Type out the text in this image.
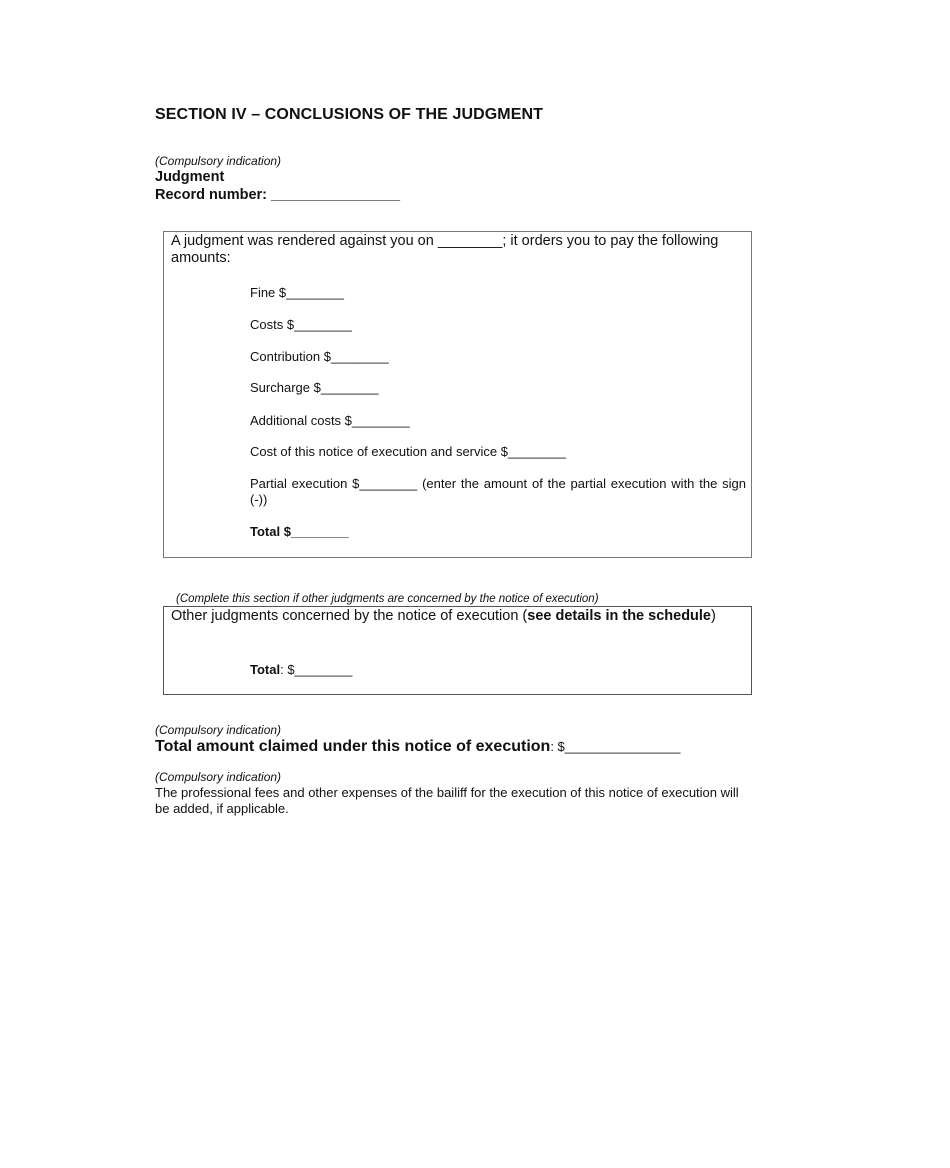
SECTION IV – CONCLUSIONS OF THE JUDGMENT
(Compulsory indication)
Judgment
Record number: ________________
A judgment was rendered against you on ________; it orders you to pay the following amounts:
Fine $________
Costs $________
Contribution $________
Surcharge $________
Additional costs $________
Cost of this notice of execution and service $________
Partial execution $________ (enter the amount of the partial execution with the sign (-))
Total $________
(Complete this section if other judgments are concerned by the notice of execution)
Other judgments concerned by the notice of execution (see details in the schedule)
Total: $________
(Compulsory indication)
Total amount claimed under this notice of execution: $________________
(Compulsory indication)
The professional fees and other expenses of the bailiff for the execution of this notice of execution will be added, if applicable.
